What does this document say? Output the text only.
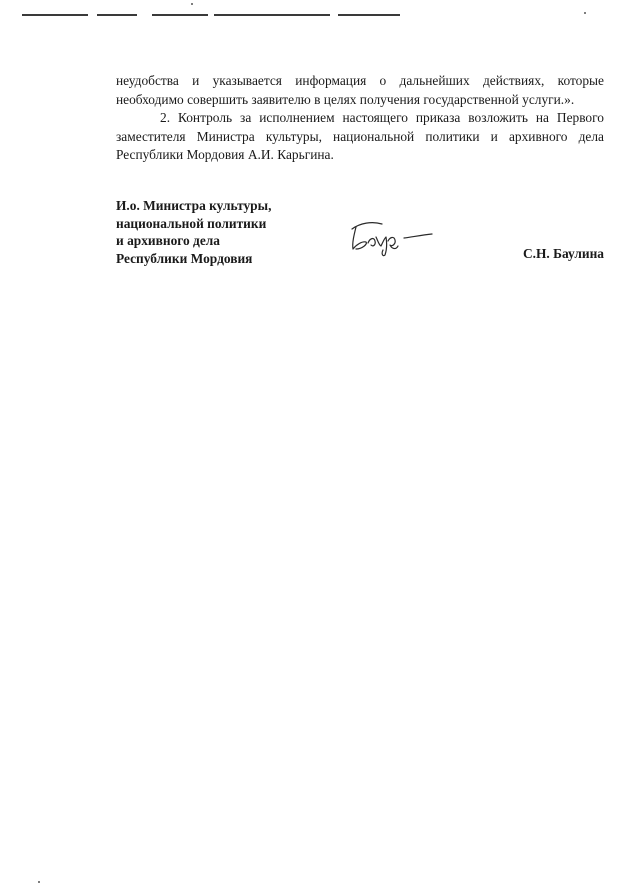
неудобства и указывается информация о дальнейших действиях, которые

необходимо совершить заявителю в целях получения государственной услуги.».

2. Контроль за исполнением настоящего приказа возложить на Первого заместителя Министра культуры, национальной политики и архивного дела Республики Мордовия А.И. Карьгина.

И.о. Министра культуры,
национальной политики
и архивного дела
Республики Мордовия	С.Н. Баулина
